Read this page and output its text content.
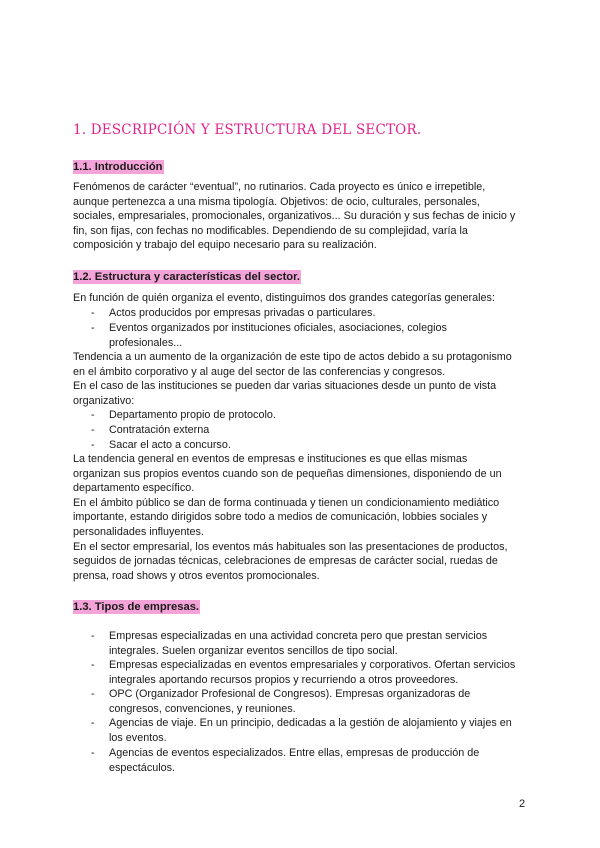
1. DESCRIPCIÓN Y ESTRUCTURA DEL SECTOR.
1.1. Introducción
Fenómenos de carácter “eventual”, no rutinarios. Cada proyecto es único e irrepetible,
aunque pertenezca a una misma tipología. Objetivos: de ocio, culturales, personales,
sociales, empresariales, promocionales, organizativos... Su duración y sus fechas de inicio y
fin, son fijas, con fechas no modificables. Dependiendo de su complejidad, varía la
composición y trabajo del equipo necesario para su realización.
1.2. Estructura y características del sector.
En función de quién organiza el evento, distinguimos dos grandes categorías generales:
- Actos producidos por empresas privadas o particulares.
- Eventos organizados por instituciones oficiales, asociaciones, colegios
profesionales...
Tendencia a un aumento de la organización de este tipo de actos debido a su protagonismo
en el ámbito corporativo y al auge del sector de las conferencias y congresos.
En el caso de las instituciones se pueden dar varias situaciones desde un punto de vista
organizativo:
- Departamento propio de protocolo.
- Contratación externa
- Sacar el acto a concurso.
La tendencia general en eventos de empresas e instituciones es que ellas mismas
organizan sus propios eventos cuando son de pequeñas dimensiones, disponiendo de un
departamento específico.
En el ámbito público se dan de forma continuada y tienen un condicionamiento mediático
importante, estando dirigidos sobre todo a medios de comunicación, lobbies sociales y
personalidades influyentes.
En el sector empresarial, los eventos más habituales son las presentaciones de productos,
seguidos de jornadas técnicas, celebraciones de empresas de carácter social, ruedas de
prensa, road shows y otros eventos promocionales.
1.3. Tipos de empresas.
- Empresas especializadas en una actividad concreta pero que prestan servicios
integrales. Suelen organizar eventos sencillos de tipo social.
- Empresas especializadas en eventos empresariales y corporativos. Ofertan servicios
integrales aportando recursos propios y recurriendo a otros proveedores.
- OPC (Organizador Profesional de Congresos). Empresas organizadoras de
congresos, convenciones, y reuniones.
- Agencias de viaje. En un principio, dedicadas a la gestión de alojamiento y viajes en
los eventos.
- Agencias de eventos especializados. Entre ellas, empresas de producción de
espectáculos.
2
